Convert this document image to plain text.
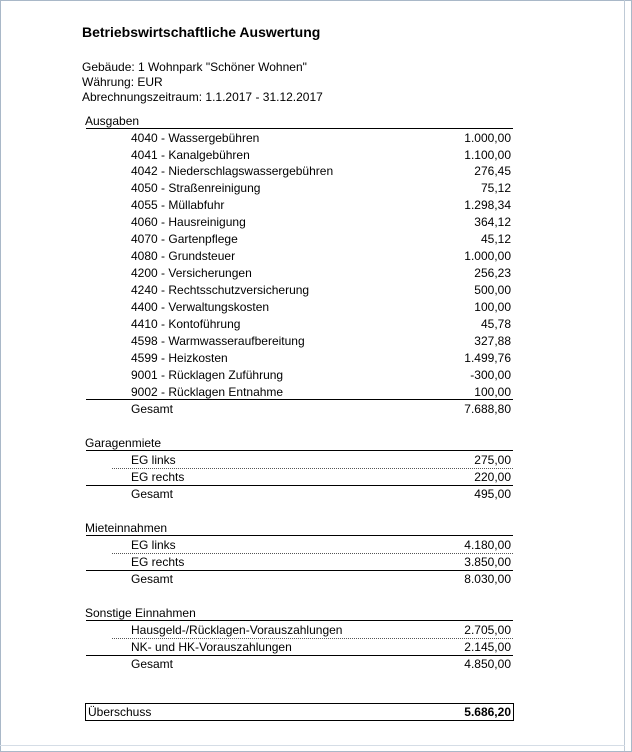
Betriebswirtschaftliche Auswertung
Gebäude: 1 Wohnpark "Schöner Wohnen"
Währung: EUR
Abrechnungszeitraum: 1.1.2017 - 31.12.2017
Ausgaben
4040 - Wassergebühren	1.000,00
4041 - Kanalgebühren	1.100,00
4042 - Niederschlagswassergebühren	276,45
4050 - Straßenreinigung	75,12
4055 - Müllabfuhr	1.298,34
4060 - Hausreinigung	364,12
4070 - Gartenpflege	45,12
4080 - Grundsteuer	1.000,00
4200 - Versicherungen	256,23
4240 - Rechtsschutzversicherung	500,00
4400 - Verwaltungskosten	100,00
4410 - Kontoführung	45,78
4598 - Warmwasseraufbereitung	327,88
4599 - Heizkosten	1.499,76
9001 - Rücklagen Zuführung	-300,00
9002 - Rücklagen Entnahme	100,00
Gesamt	7.688,80
Garagenmiete
EG links	275,00
EG rechts	220,00
Gesamt	495,00
Mieteinnahmen
EG links	4.180,00
EG rechts	3.850,00
Gesamt	8.030,00
Sonstige Einnahmen
Hausgeld-/Rücklagen-Vorauszahlungen	2.705,00
NK- und HK-Vorauszahlungen	2.145,00
Gesamt	4.850,00
Überschuss	5.686,20
